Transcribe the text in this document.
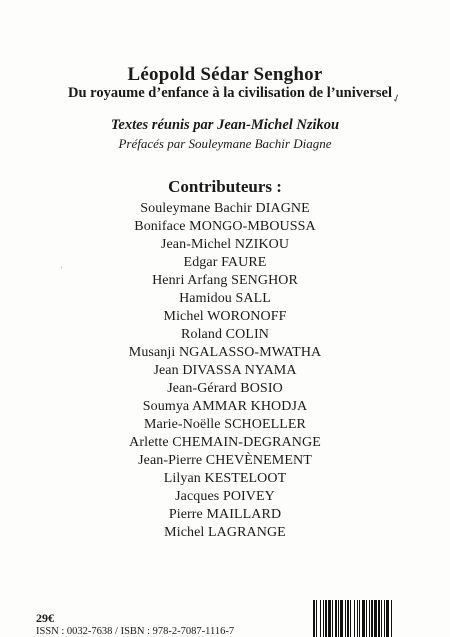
Léopold Sédar Senghor
Du royaume d’enfance à la civilisation de l’universel
✓
Textes réunis par Jean-Michel Nzikou
Préfacés par Souleymane Bachir Diagne
Contributeurs :
Souleymane Bachir DIAGNE
Boniface MONGO-MBOUSSA
Jean-Michel NZIKOU
Edgar FAURE
Henri Arfang SENGHOR
Hamidou SALL
Michel WORONOFF
Roland COLIN
Musanji NGALASSO-MWATHA
Jean DIVASSA NYAMA
Jean-Gérard BOSIO
Soumya AMMAR KHODJA
Marie-Noëlle SCHOELLER
Arlette CHEMAIN-DEGRANGE
Jean-Pierre CHEVÈNEMENT
Lilyan KESTELOOT
Jacques POIVEY
Pierre MAILLARD
Michel LAGRANGE
ʾ
29€
ISSN : 0032-7638 / ISBN : 978-2-7087-1116-7
